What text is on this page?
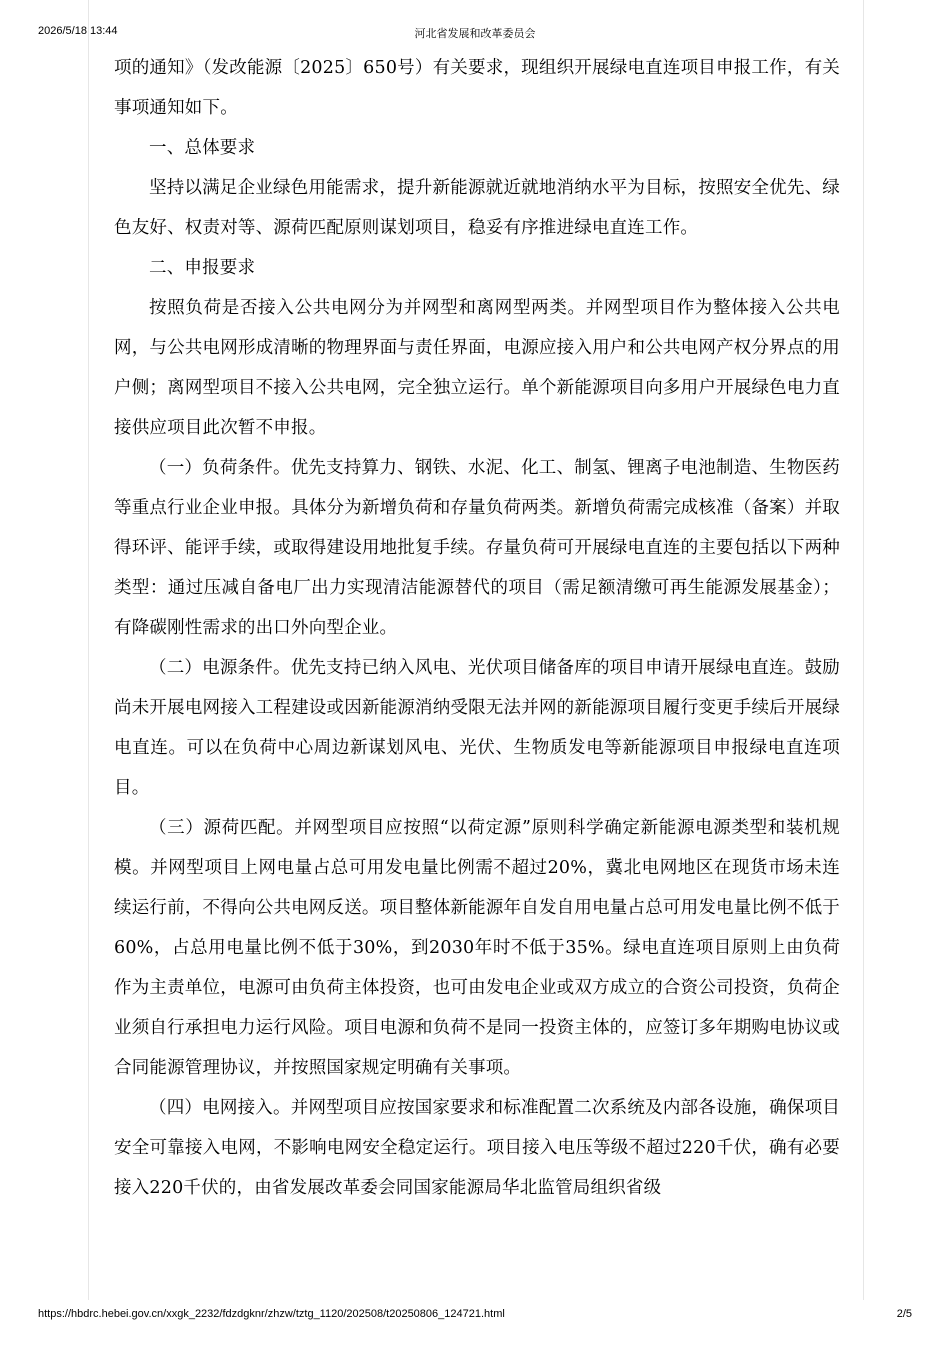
2026/5/18 13:44	河北省发展和改革委员会

项的通知》（发改能源〔2025〕650号）有关要求，现组织开展绿电直连项目申报工作，有关事项通知如下。

一、总体要求

坚持以满足企业绿色用能需求，提升新能源就近就地消纳水平为目标，按照安全优先、绿色友好、权责对等、源荷匹配原则谋划项目，稳妥有序推进绿电直连工作。

二、申报要求

按照负荷是否接入公共电网分为并网型和离网型两类。并网型项目作为整体接入公共电网，与公共电网形成清晰的物理界面与责任界面，电源应接入用户和公共电网产权分界点的用户侧；离网型项目不接入公共电网，完全独立运行。单个新能源项目向多用户开展绿色电力直接供应项目此次暂不申报。

（一）负荷条件。优先支持算力、钢铁、水泥、化工、制氢、锂离子电池制造、生物医药等重点行业企业申报。具体分为新增负荷和存量负荷两类。新增负荷需完成核准（备案）并取得环评、能评手续，或取得建设用地批复手续。存量负荷可开展绿电直连的主要包括以下两种类型：通过压减自备电厂出力实现清洁能源替代的项目（需足额清缴可再生能源发展基金）；有降碳刚性需求的出口外向型企业。

（二）电源条件。优先支持已纳入风电、光伏项目储备库的项目申请开展绿电直连。鼓励尚未开展电网接入工程建设或因新能源消纳受限无法并网的新能源项目履行变更手续后开展绿电直连。可以在负荷中心周边新谋划风电、光伏、生物质发电等新能源项目申报绿电直连项目。

（三）源荷匹配。并网型项目应按照“以荷定源”原则科学确定新能源电源类型和装机规模。并网型项目上网电量占总可用发电量比例需不超过20%，冀北电网地区在现货市场未连续运行前，不得向公共电网反送。项目整体新能源年自发自用电量占总可用发电量比例不低于60%，占总用电量比例不低于30%，到2030年时不低于35%。绿电直连项目原则上由负荷作为主责单位，电源可由负荷主体投资，也可由发电企业或双方成立的合资公司投资，负荷企业须自行承担电力运行风险。项目电源和负荷不是同一投资主体的，应签订多年期购电协议或合同能源管理协议，并按照国家规定明确有关事项。

（四）电网接入。并网型项目应按国家要求和标准配置二次系统及内部各设施，确保项目安全可靠接入电网，不影响电网安全稳定运行。项目接入电压等级不超过220千伏，确有必要接入220千伏的，由省发展改革委会同国家能源局华北监管局组织省级

https://hbdrc.hebei.gov.cn/xxgk_2232/fdzdgknr/zhzw/tztg_1120/202508/t20250806_124721.html	2/5
